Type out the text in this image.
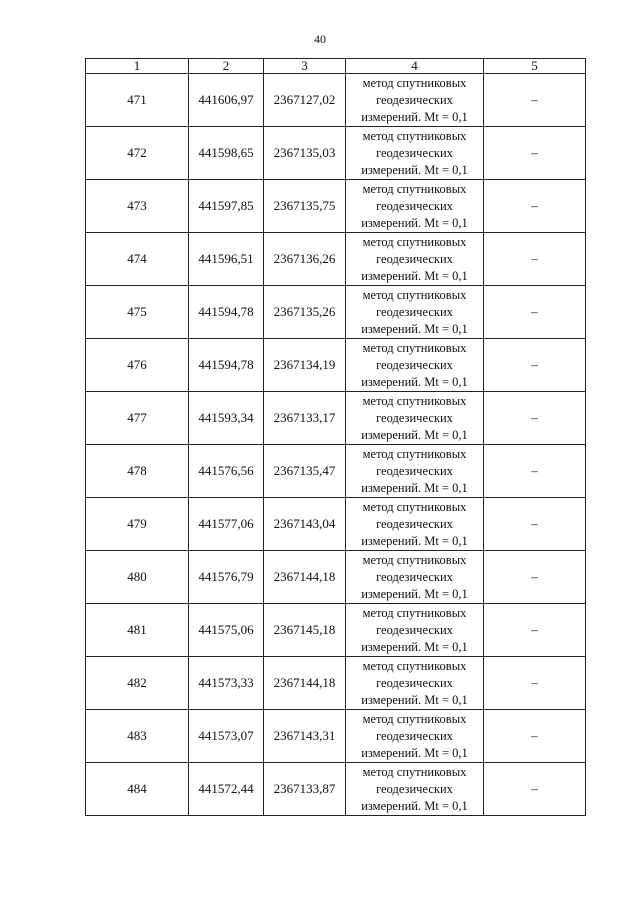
40
1	2	3	4	5
471	441606,97	2367127,02	метод спутниковых геодезических измерений. Mt = 0,1	–
472	441598,65	2367135,03	метод спутниковых геодезических измерений. Mt = 0,1	–
473	441597,85	2367135,75	метод спутниковых геодезических измерений. Mt = 0,1	–
474	441596,51	2367136,26	метод спутниковых геодезических измерений. Mt = 0,1	–
475	441594,78	2367135,26	метод спутниковых геодезических измерений. Mt = 0,1	–
476	441594,78	2367134,19	метод спутниковых геодезических измерений. Mt = 0,1	–
477	441593,34	2367133,17	метод спутниковых геодезических измерений. Mt = 0,1	–
478	441576,56	2367135,47	метод спутниковых геодезических измерений. Mt = 0,1	–
479	441577,06	2367143,04	метод спутниковых геодезических измерений. Mt = 0,1	–
480	441576,79	2367144,18	метод спутниковых геодезических измерений. Mt = 0,1	–
481	441575,06	2367145,18	метод спутниковых геодезических измерений. Mt = 0,1	–
482	441573,33	2367144,18	метод спутниковых геодезических измерений. Mt = 0,1	–
483	441573,07	2367143,31	метод спутниковых геодезических измерений. Mt = 0,1	–
484	441572,44	2367133,87	метод спутниковых геодезических измерений. Mt = 0,1	–
